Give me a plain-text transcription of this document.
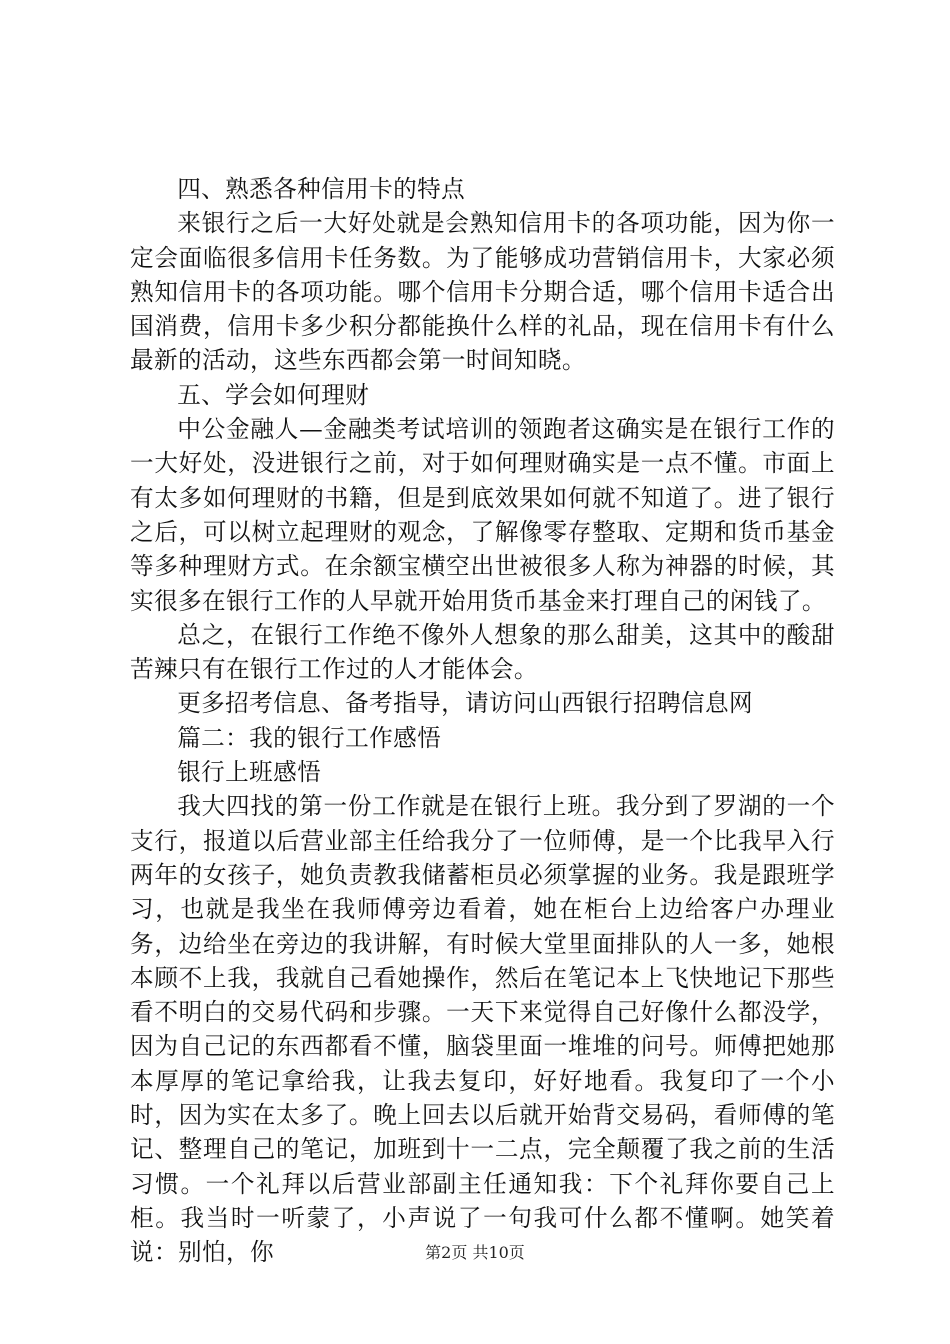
四、熟悉各种信用卡的特点

来银行之后一大好处就是会熟知信用卡的各项功能，因为你一定会面临很多信用卡任务数。为了能够成功营销信用卡，大家必须熟知信用卡的各项功能。哪个信用卡分期合适，哪个信用卡适合出国消费，信用卡多少积分都能换什么样的礼品，现在信用卡有什么最新的活动，这些东西都会第一时间知晓。

五、学会如何理财

中公金融人—金融类考试培训的领跑者这确实是在银行工作的一大好处，没进银行之前，对于如何理财确实是一点不懂。市面上有太多如何理财的书籍，但是到底效果如何就不知道了。进了银行之后，可以树立起理财的观念，了解像零存整取、定期和货币基金等多种理财方式。在余额宝横空出世被很多人称为神器的时候，其实很多在银行工作的人早就开始用货币基金来打理自己的闲钱了。

总之，在银行工作绝不像外人想象的那么甜美，这其中的酸甜苦辣只有在银行工作过的人才能体会。

更多招考信息、备考指导，请访问山西银行招聘信息网

篇二：我的银行工作感悟

银行上班感悟

我大四找的第一份工作就是在银行上班。我分到了罗湖的一个支行，报道以后营业部主任给我分了一位师傅，是一个比我早入行两年的女孩子，她负责教我储蓄柜员必须掌握的业务。我是跟班学习，也就是我坐在我师傅旁边看着，她在柜台上边给客户办理业务，边给坐在旁边的我讲解，有时候大堂里面排队的人一多，她根本顾不上我，我就自己看她操作，然后在笔记本上飞快地记下那些看不明白的交易代码和步骤。一天下来觉得自己好像什么都没学，因为自己记的东西都看不懂，脑袋里面一堆堆的问号。师傅把她那本厚厚的笔记拿给我，让我去复印，好好地看。我复印了一个小时，因为实在太多了。晚上回去以后就开始背交易码，看师傅的笔记、整理自己的笔记，加班到十一二点，完全颠覆了我之前的生活习惯。一个礼拜以后营业部副主任通知我：下个礼拜你要自己上柜。我当时一听蒙了，小声说了一句我可什么都不懂啊。她笑着说：别怕，你	第2页 共10页
